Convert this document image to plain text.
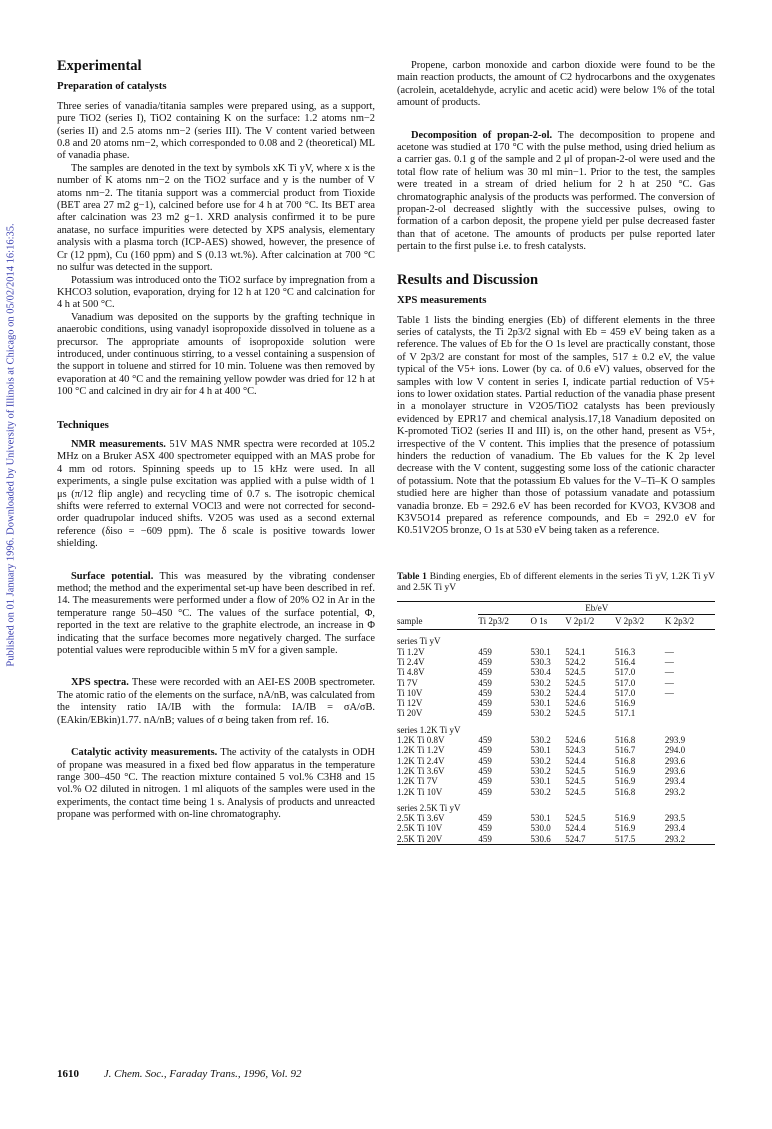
Published on 01 January 1996. Downloaded by University of Illinois at Chicago on 05/02/2014 16:16:35.
Experimental
Preparation of catalysts

Three series of vanadia/titania samples were prepared using, as a support, pure TiO2 (series I), TiO2 containing K on the surface: 1.2 atoms nm−2 (series II) and 2.5 atoms nm−2 (series III). The V content varied between 0.8 and 20 atoms nm−2, which corresponded to 0.08 and 2 (theoretical) ML of vanadia phase.

The samples are denoted in the text by symbols xK Ti yV, where x is the number of K atoms nm−2 on the TiO2 surface and y is the number of V atoms nm−2. The titania support was a commercial product from Tioxide (BET area 27 m2 g−1), calcined before use for 4 h at 700 °C. Its BET area after calcination was 23 m2 g−1. XRD analysis confirmed it to be pure anatase, no surface impurities were detected by XPS analysis, elementary analysis with a plasma torch (ICP-AES) showed, however, the presence of Cr (12 ppm), Cu (160 ppm) and S (0.13 wt.%). After calcination at 700 °C no sulfur was detected in the support.

Potassium was introduced onto the TiO2 surface by impregnation from a KHCO3 solution, evaporation, drying for 12 h at 120 °C and calcination for 4 h at 500 °C.

Vanadium was deposited on the supports by the grafting technique in anaerobic conditions, using vanadyl isopropoxide dissolved in toluene as a precursor. The appropriate amounts of isopropoxide solution were introduced, under continuous stirring, to a vessel containing a suspension of the support in toluene and stirred for 10 min. Toluene was then removed by evaporation at 40 °C and the remaining yellow powder was dried for 12 h at 100 °C and calcined in dry air for 4 h at 400 °C.

Techniques

NMR measurements. 51V MAS NMR spectra were recorded at 105.2 MHz on a Bruker ASX 400 spectrometer equipped with an MAS probe for 4 mm od rotors. Spinning speeds up to 15 kHz were used. In all experiments, a single pulse excitation was applied with a pulse width of 1 μs (π/12 flip angle) and recycling time of 0.7 s. The isotropic chemical shifts were referred to external VOCl3 and were not corrected for second-order quadrupolar induced shifts. V2O5 was used as a second external reference (δiso = −609 ppm). The δ scale is positive towards lower shielding.

Surface potential. This was measured by the vibrating condenser method; the method and the experimental set-up have been described in ref. 14. The measurements were performed under a flow of 20% O2 in Ar in the temperature range 50–450 °C. The values of the surface potential, Φ, reported in the text are relative to the graphite electrode, an increase in Φ indicating that the surface becomes more negatively charged. The surface potential values were reproducible within 5 mV for a given sample.

XPS spectra. These were recorded with an AEI-ES 200B spectrometer. The atomic ratio of the elements on the surface, nA/nB, was calculated from the intensity ratio IA/IB with the formula: IA/IB = σA/σB. (EAkin/EBkin)1.77. nA/nB; values of σ being taken from ref. 16.

Catalytic activity measurements. The activity of the catalysts in ODH of propane was measured in a fixed bed flow apparatus in the temperature range 300–450 °C. The reaction mixture contained 5 vol.% C3H8 and 15 vol.% O2 diluted in nitrogen. 1 ml aliquots of the samples were used in the experiments, the contact time being 1 s. Analysis of products and unreacted propane was performed with on-line chromatography.

Propene, carbon monoxide and carbon dioxide were found to be the main reaction products, the amount of C2 hydrocarbons and the oxygenates (acrolein, acetaldehyde, acrylic and acetic acid) were below 1% of the total amount of products.

Decomposition of propan-2-ol. The decomposition to propene and acetone was studied at 170 °C with the pulse method, using dried helium as a carrier gas. 0.1 g of the sample and 2 μl of propan-2-ol were used and the total flow rate of helium was 30 ml min−1. Prior to the test, the samples were treated in a stream of dried helium for 2 h at 250 °C. Gas chromatographic analysis of the products was performed. The conversion of propan-2-ol decreased slightly with the successive pulses, owing to formation of a carbon deposit, the propene yield per pulse decreased faster than that of acetone. The amounts of products per pulse reported later pertain to the first pulse i.e. to fresh catalysts.

Results and Discussion
XPS measurements

Table 1 lists the binding energies (Eb) of different elements in the three series of catalysts, the Ti 2p3/2 signal with Eb = 459 eV being taken as a reference. The values of Eb for the O 1s level are practically constant, those of V 2p3/2 are constant for most of the samples, 517 ± 0.2 eV, the value typical of the V5+ ions. Lower (by ca. of 0.6 eV) values, observed for the samples with low V content in series I, indicate partial reduction of V5+ ions to lower oxidation states. Partial reduction of the vanadia phase present in a monolayer structure in V2O5/TiO2 catalysts has been previously evidenced by EPR17 and chemical analysis.17,18 Vanadium deposited on K-promoted TiO2 (series II and III) is, on the other hand, present as V5+, irrespective of the V content. This implies that the presence of potassium hinders the reduction of vanadium. The Eb values for the K 2p level decrease with the V content, suggesting some loss of the cationic character of potassium. Note that the potassium Eb values for the V–Ti–K O samples studied here are higher than those of potassium vanadate and potassium vanadia bronze. Eb = 292.6 eV has been recorded for KVO3, KV3O8 and K3V5O14 prepared as reference compounds, and Eb = 292.0 eV for K0.51V2O5 bronze, O 1s at 530 eV being taken as a reference.

Table 1 Binding energies, Eb of different elements in the series Ti yV, 1.2K Ti yV and 2.5K Ti yV
	Eb/eV				
sample	Ti 2p3/2	O 1s	V 2p1/2	V 2p3/2	K 2p3/2
series Ti yV					
Ti 1.2V	459	530.1	524.1	516.3	—
Ti 2.4V	459	530.3	524.2	516.4	—
Ti 4.8V	459	530.4	524.5	517.0	—
Ti 7V	459	530.2	524.5	517.0	—
Ti 10V	459	530.2	524.4	517.0	—
Ti 12V	459	530.1	524.6	516.9	
Ti 20V	459	530.2	524.5	517.1	
series 1.2K Ti yV					
1.2K Ti 0.8V	459	530.2	524.6	516.8	293.9
1.2K Ti 1.2V	459	530.1	524.3	516.7	294.0
1.2K Ti 2.4V	459	530.2	524.4	516.8	293.6
1.2K Ti 3.6V	459	530.2	524.5	516.9	293.6
1.2K Ti 7V	459	530.1	524.5	516.9	293.4
1.2K Ti 10V	459	530.2	524.5	516.8	293.2
series 2.5K Ti yV					
2.5K Ti 3.6V	459	530.1	524.5	516.9	293.5
2.5K Ti 10V	459	530.0	524.4	516.9	293.4
2.5K Ti 20V	459	530.6	524.7	517.5	293.2
1610 J. Chem. Soc., Faraday Trans., 1996, Vol. 92
